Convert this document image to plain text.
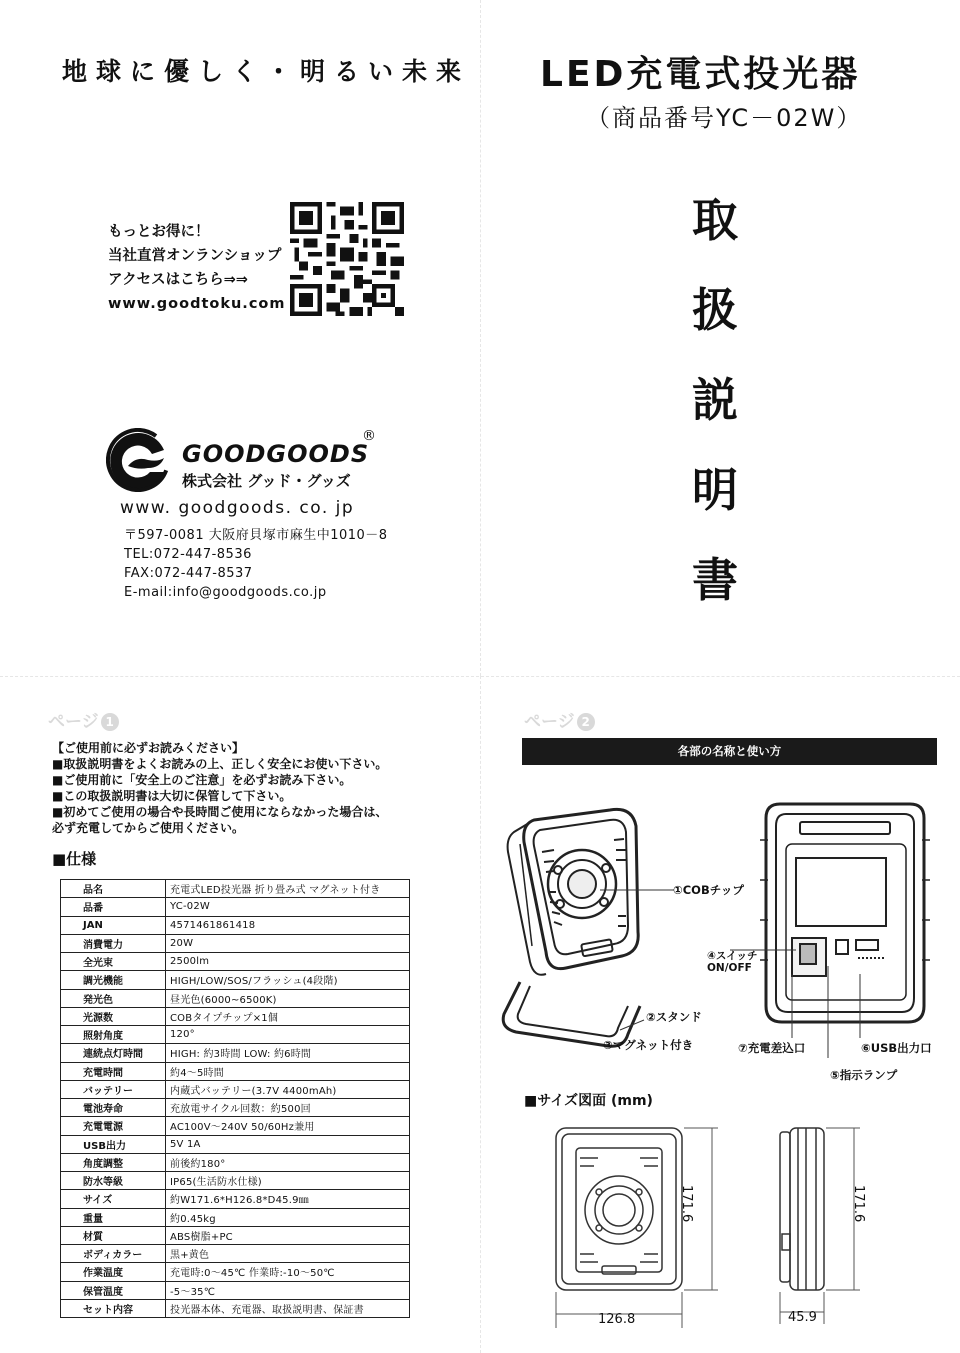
地球に優しく・明るい未来
もっとお得に！
当社直営オンランショップ
アクセスはこちら⇒⇒
www.goodtoku.com
GOODGOODS
®
株式会社 グッド・グッズ
www. goodgoods. co. jp
〒597-0081 大阪府貝塚市麻生中1010－8
TEL:072-447-8536
FAX:072-447-8537
E-mail:info@goodgoods.co.jp
LED充電式投光器
（商品番号YC－02W）
取
扱
説
明
書
ページ 1
【ご使用前に必ずお読みください】
■取扱説明書をよくお読みの上、正しく安全にお使い下さい。
■ご使用前に「安全上のご注意」を必ずお読み下さい。
■この取扱説明書は大切に保管して下さい。
■初めてご使用の場合や長時間ご使用にならなかった場合は、
必ず充電してからご使用ください。
■仕様
品名	充電式LED投光器 折り畳み式 マグネット付き
品番	YC-02W
JAN	4571461861418
消費電力	20W
全光束	2500lm
調光機能	HIGH/LOW/SOS/フラッシュ(4段階)
発光色	昼光色(6000~6500K)
光源数	COBタイプチップ×1個
照射角度	120°
連続点灯時間	HIGH: 約3時間 LOW: 約6時間
充電時間	約4～5時間
バッテリー	内蔵式バッテリー(3.7V 4400mAh)
電池寿命	充放電サイクル回数：約500回
充電電源	AC100V～240V 50/60Hz兼用
USB出力	5V 1A
角度調整	前後約180°
防水等級	IP65(生活防水仕様)
サイズ	約W171.6*H126.8*D45.9㎜
重量	約0.45kg
材質	ABS樹脂+PC
ボディカラー	黒+黄色
作業温度	充電時:0～45℃ 作業時:-10～50℃
保管温度	-5～35℃
セット内容	投光器本体、充電器、取扱説明書、保証書
ページ 2
各部の名称と使い方
①COBチップ
②スタンド
③マグネット付き
④スイッチ
ON/OFF
⑦充電差込口	⑥USB出力口
⑤指示ランプ
■サイズ図面 (mm)
171.6
126.8
171.6
45.9
